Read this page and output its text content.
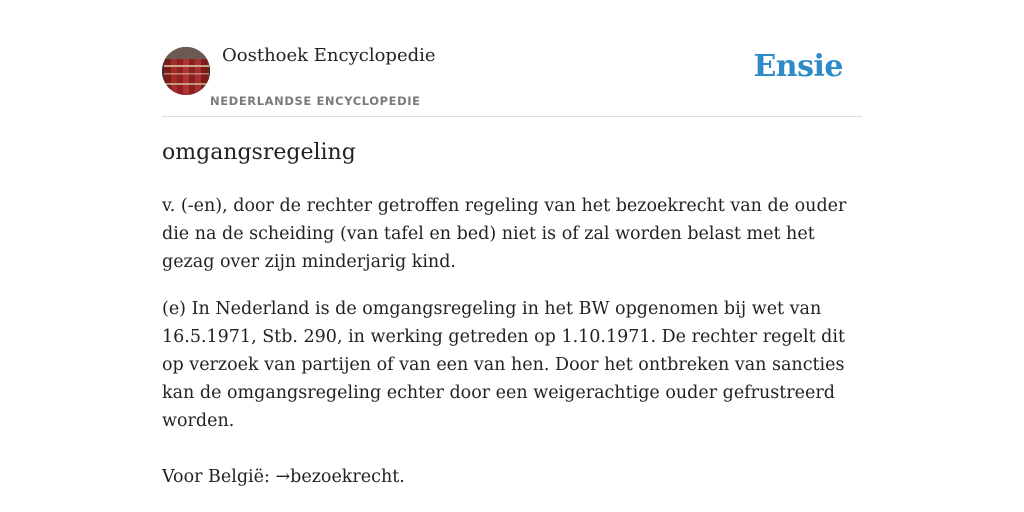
Oosthoek Encyclopedie
NEDERLANDSE ENCYCLOPEDIE
Ensie
omgangsregeling

v. (-en), door de rechter getroffen regeling van het bezoekrecht van de ouder die na de scheiding (van tafel en bed) niet is of zal worden belast met het gezag over zijn minderjarig kind.

(e) In Nederland is de omgangsregeling in het BW opgenomen bij wet van 16.5.1971, Stb. 290, in werking getreden op 1.10.1971. De rechter regelt dit op verzoek van partijen of van een van hen. Door het ontbreken van sancties kan de omgangsregeling echter door een weigerachtige ouder gefrustreerd worden.

Voor België: →bezoekrecht.
